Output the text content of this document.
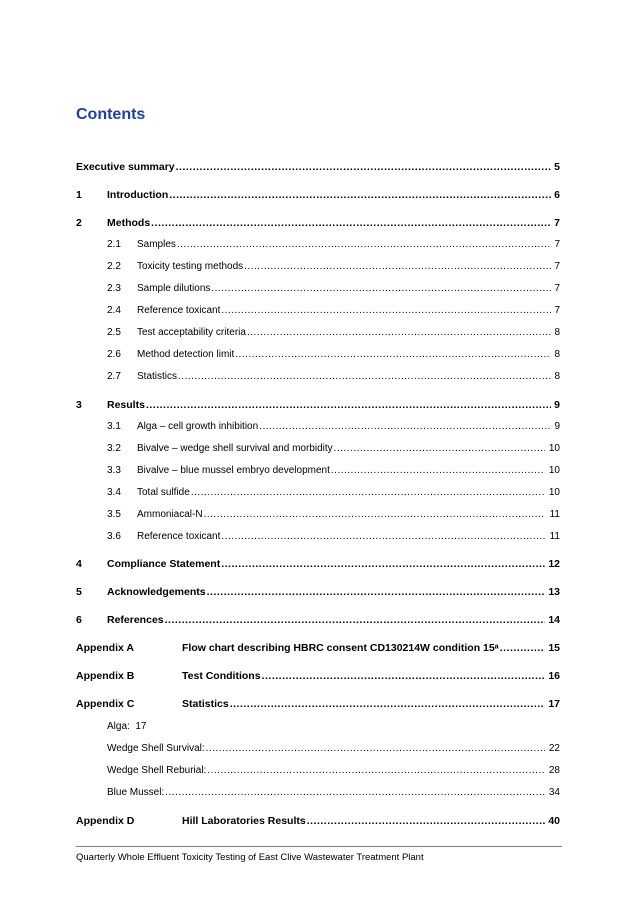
Contents
Executive summary .....	5
1	Introduction .....	6
2	Methods .....	7
2.1	Samples .....	7
2.2	Toxicity testing methods .....	7
2.3	Sample dilutions .....	7
2.4	Reference toxicant .....	7
2.5	Test acceptability criteria .....	8
2.6	Method detection limit .....	8
2.7	Statistics .....	8
3	Results .....	9
3.1	Alga – cell growth inhibition .....	9
3.2	Bivalve – wedge shell survival and morbidity .....	10
3.3	Bivalve – blue mussel embryo development .....	10
3.4	Total sulfide .....	10
3.5	Ammoniacal-N .....	11
3.6	Reference toxicant .....	11
4	Compliance Statement .....	12
5	Acknowledgements .....	13
6	References .....	14
Appendix A	Flow chart describing HBRC consent CD130214W condition 15ᵃ .....	15
Appendix B	Test Conditions .....	16
Appendix C	Statistics .....	17
Alga:  17
Wedge Shell Survival: .....	22
Wedge Shell Reburial: .....	28
Blue Mussel: .....	34
Appendix D	Hill Laboratories Results .....	40
Quarterly Whole Effluent Toxicity Testing of East Clive Wastewater Treatment Plant
